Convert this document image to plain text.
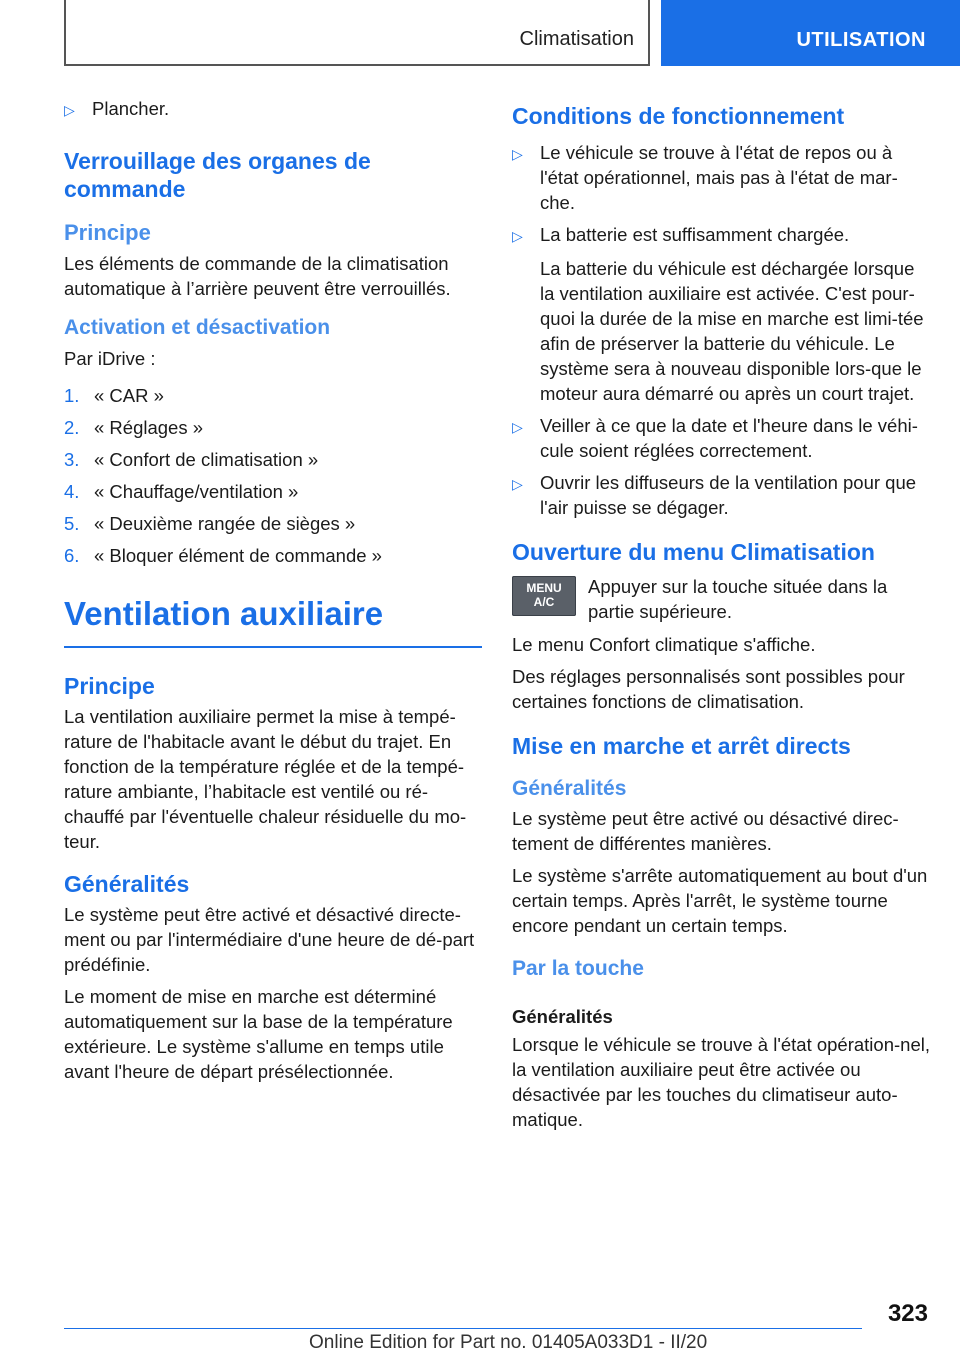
Climatisation	UTILISATION
▷ Plancher.
Verrouillage des organes de commande
Principe
Les éléments de commande de la climatisation automatique à l’arrière peuvent être verrouillés.
Activation et désactivation
Par iDrive :
1. « CAR »
2. « Réglages »
3. « Confort de climatisation »
4. « Chauffage/ventilation »
5. « Deuxième rangée de sièges »
6. « Bloquer élément de commande »
Ventilation auxiliaire
Principe
La ventilation auxiliaire permet la mise à tempé‐rature de l'habitacle avant le début du trajet. En fonction de la température réglée et de la tempé‐rature ambiante, l’habitacle est ventilé ou ré‐chauffé par l'éventuelle chaleur résiduelle du mo‐teur.
Généralités
Le système peut être activé et désactivé directe‐ment ou par l'intermédiaire d'une heure de dé‐part prédéfinie.
Le moment de mise en marche est déterminé automatiquement sur la base de la température extérieure. Le système s'allume en temps utile avant l'heure de départ présélectionnée.
Conditions de fonctionnement
▷ Le véhicule se trouve à l'état de repos ou à l'état opérationnel, mais pas à l'état de mar‐che.
▷ La batterie est suffisamment chargée.
La batterie du véhicule est déchargée lorsque la ventilation auxiliaire est activée. C'est pour‐quoi la durée de la mise en marche est limi‐tée afin de préserver la batterie du véhicule. Le système sera à nouveau disponible lors‐que le moteur aura démarré ou après un court trajet.
▷ Veiller à ce que la date et l'heure dans le véhi‐cule soient réglées correctement.
▷ Ouvrir les diffuseurs de la ventilation pour que l'air puisse se dégager.
Ouverture du menu Climatisation
MENU
A/C
Appuyer sur la touche située dans la partie supérieure.
Le menu Confort climatique s'affiche.
Des réglages personnalisés sont possibles pour certaines fonctions de climatisation.
Mise en marche et arrêt directs
Généralités
Le système peut être activé ou désactivé direc‐tement de différentes manières.
Le système s'arrête automatiquement au bout d'un certain temps. Après l'arrêt, le système tourne encore pendant un certain temps.
Par la touche
Généralités
Lorsque le véhicule se trouve à l'état opération‐nel, la ventilation auxiliaire peut être activée ou désactivée par les touches du climatiseur auto‐matique.
323
Online Edition for Part no. 01405A033D1 - II/20
